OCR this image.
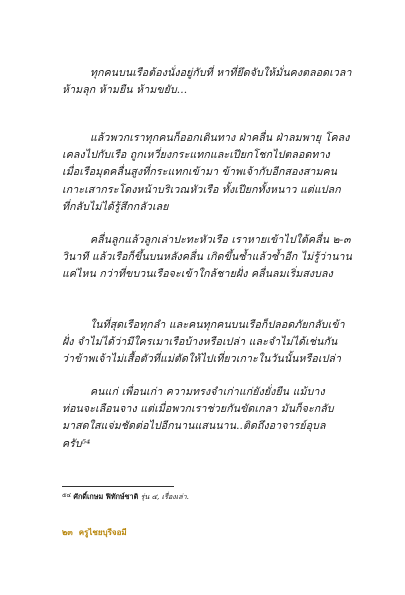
ทุกคนบนเรือต้องนั่งอยู่กับที่ หาที่ยึดจับให้มั่นคงตลอดเวลา
ห้ามลุก ห้ามยืน ห้ามขยับ...
แล้วพวกเราทุกคนก็ออกเดินทาง ฝ่าคลื่น ฝ่าลมพายุ โคลง
เคลงไปกับเรือ ถูกเหวี่ยงกระแทกและเปียกโชกไปตลอดทาง
เมื่อเรือมุดคลื่นสูงที่กระแทกเข้ามา ข้าพเจ้ากับอีกสองสามคน
เกาะเสากระโดงหน้าบริเวณหัวเรือ ทั้งเปียกทั้งหนาว แต่แปลก
ที่กลับไม่ได้รู้สึกกลัวเลย
คลื่นลูกแล้วลูกเล่าปะทะหัวเรือ เราหายเข้าไปใต้คลื่น ๒-๓
วินาที แล้วเรือก็ขึ้นบนหลังคลื่น เกิดขึ้นซ้ำแล้วซ้ำอีก ไม่รู้ว่านาน
แค่ไหน กว่าที่ขบวนเรือจะเข้าใกล้ชายฝั่ง คลื่นลมเริ่มสงบลง
ในที่สุดเรือทุกลำ และคนทุกคนบนเรือก็ปลอดภัยกลับเข้า
ฝั่ง จำไม่ได้ว่ามีใครเมาเรือบ้างหรือเปล่า และจำไม่ได้เช่นกัน
ว่าข้าพเจ้าไม่เสื้อตัวที่แม่ตัดให้ไปเที่ยวเกาะในวันนั้นหรือเปล่า
คนแก่ เพื่อนเก่า ความทรงจำเก่าแก่ยังยั่งยืน แม้บาง
ท่อนจะเลือนจาง แต่เมื่อพวกเราช่วยกันขัดเกลา มันก็จะกลับ
มาสดใสแจ่มชัดต่อไปอีกนานแสนนาน..ติดถึงอาจารย์อุบล
ครับ⁵⁴
$^{๕๔}$ ศักดิ์เกษม ฟิทักษ์ชาติ รุ่น ๔, เรื่องเล่า.
๒๓ ครูไชยบุรีจอมี
